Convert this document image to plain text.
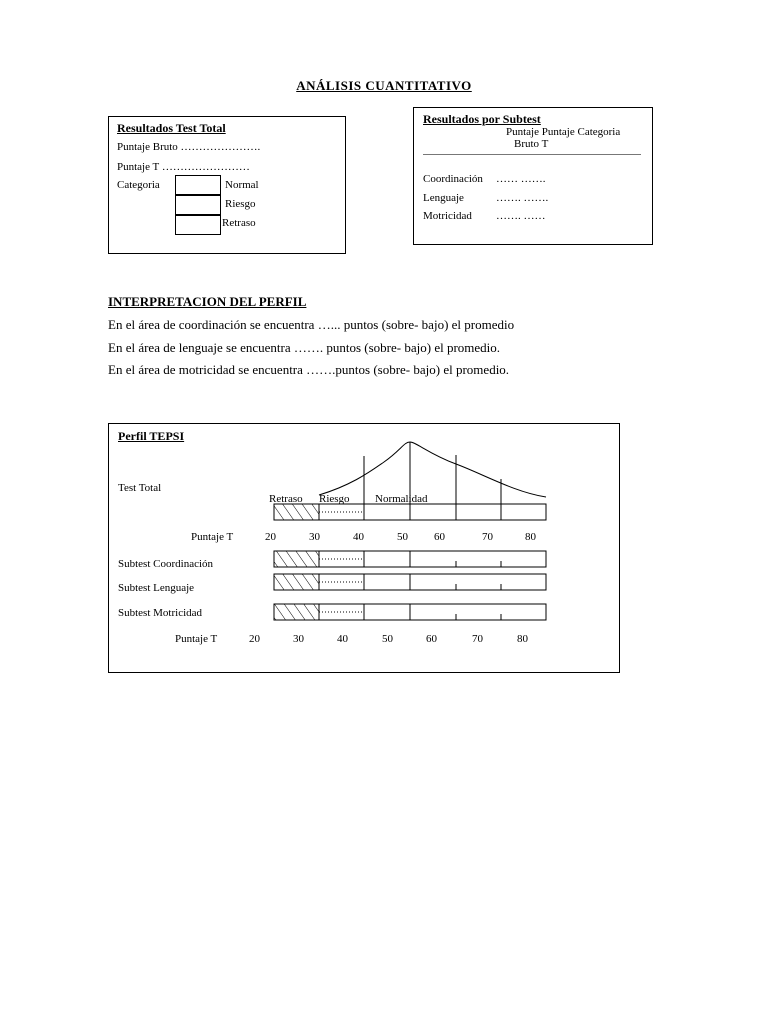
ANÁLISIS CUANTITATIVO
Resultados Test Total
Puntaje Bruto ………………….
Puntaje T ……………………
Categoria	Normal
Riesgo
Retraso
Resultados por Subtest
Puntaje Puntaje Categoria
Bruto T
Coordinación …… …….
Lenguaje	……. …….
Motricidad ……. ……
INTERPRETACION DEL PERFIL
En el área de coordinación se encuentra …... puntos (sobre- bajo) el promedio
En el área de lenguaje se encuentra ……. puntos (sobre- bajo) el promedio.
En el área de motricidad se encuentra …….puntos (sobre- bajo) el promedio.
Perfil TEPSI
Test Total
Retraso Riesgo Normalidad
Puntaje T	20	30	40	50 60	70	80
Subtest Coordinación
Subtest Lenguaje
Subtest Motricidad
Puntaje T	20	30	40	50	60	70	80
